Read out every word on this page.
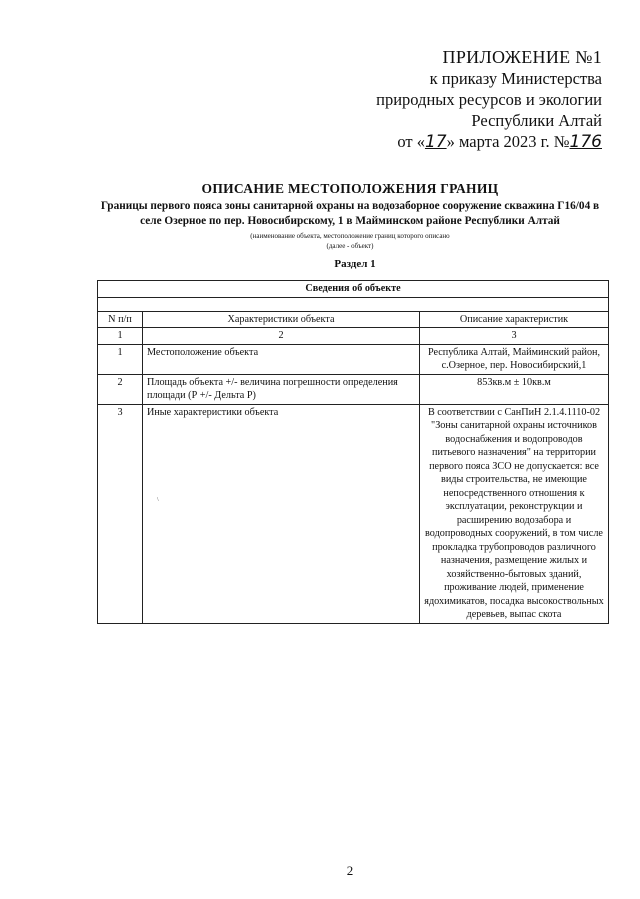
ПРИЛОЖЕНИЕ №1
к приказу Министерства
природных ресурсов и экологии
Республики Алтай
от «17» марта 2023 г. №176
ОПИСАНИЕ МЕСТОПОЛОЖЕНИЯ ГРАНИЦ
Границы первого пояса зоны санитарной охраны на водозаборное сооружение скважина Г16/04 в селе Озерное по пер. Новосибирскому, 1 в Майминском районе Республики Алтай
(наименование объекта, местоположение границ которого описано
(далее - объект)
Раздел 1
Сведения об объекте		

N п/п	Характеристики объекта	Описание характеристик
1	2	3
1	Местоположение объекта	Республика Алтай, Майминский район, с.Озерное, пер. Новосибирский,1
2	Площадь объекта +/- величина погрешности определения площади (Р +/- Дельта Р)	853кв.м ± 10кв.м
3	Иные характеристики объекта	В соответствии с СанПиН 2.1.4.1110-02 "Зоны санитарной охраны источников водоснабжения и водопроводов питьевого назначения" на территории первого пояса ЗСО не допускается: все виды строительства, не имеющие непосредственного отношения к эксплуатации, реконструкции и расширению водозабора и водопроводных сооружений, в том числе прокладка трубопроводов различного назначения, размещение жилых и хозяйственно-бытовых зданий, проживание людей, применение ядохимикатов, посадка высокоствольных деревьев, выпас скота
\
2
